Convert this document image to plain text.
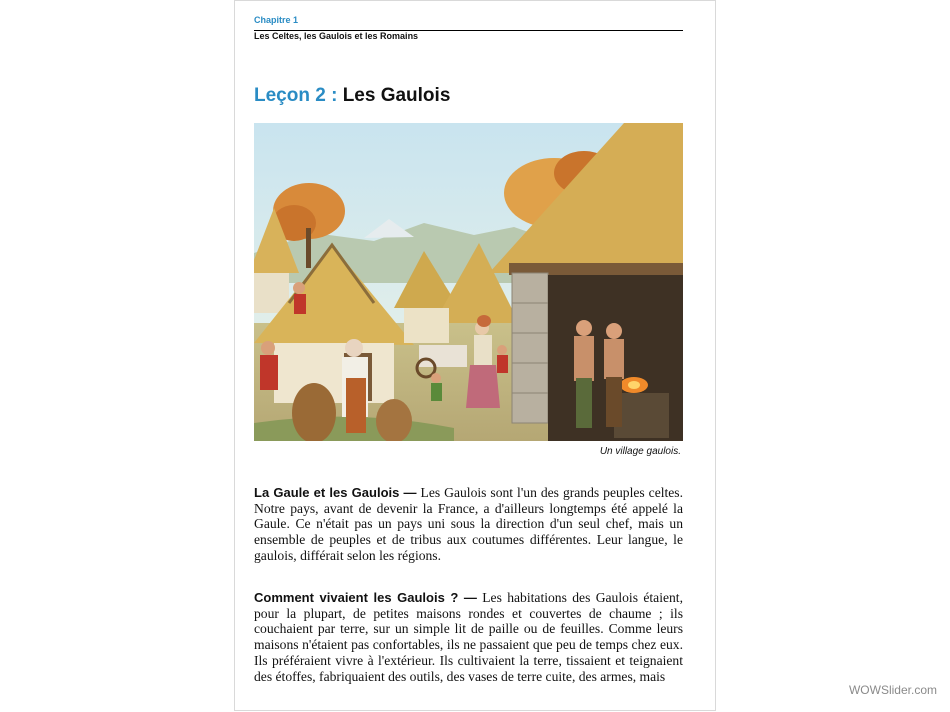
Chapitre 1
Les Celtes, les Gaulois et les Romains
Leçon 2 : Les Gaulois
Un village gaulois.

La Gaule et les Gaulois — Les Gaulois sont l'un des grands peuples celtes. Notre pays, avant de devenir la France, a d'ailleurs longtemps été appelé la Gaule. Ce n'était pas un pays uni sous la direction d'un seul chef, mais un ensemble de peuples et de tribus aux coutumes différentes. Leur langue, le gaulois, différait selon les régions.

Comment vivaient les Gaulois ? — Les habitations des Gaulois étaient, pour la plupart, de petites maisons rondes et couvertes de chaume ; ils couchaient par terre, sur un simple lit de paille ou de feuilles. Comme leurs maisons n'étaient pas confortables, ils ne passaient que peu de temps chez eux. Ils préféraient vivre à l'extérieur. Ils cultivaient la terre, tissaient et teignaient des étoffes, fabriquaient des outils, des vases de terre cuite, des armes, mais

WOWSlider.com
